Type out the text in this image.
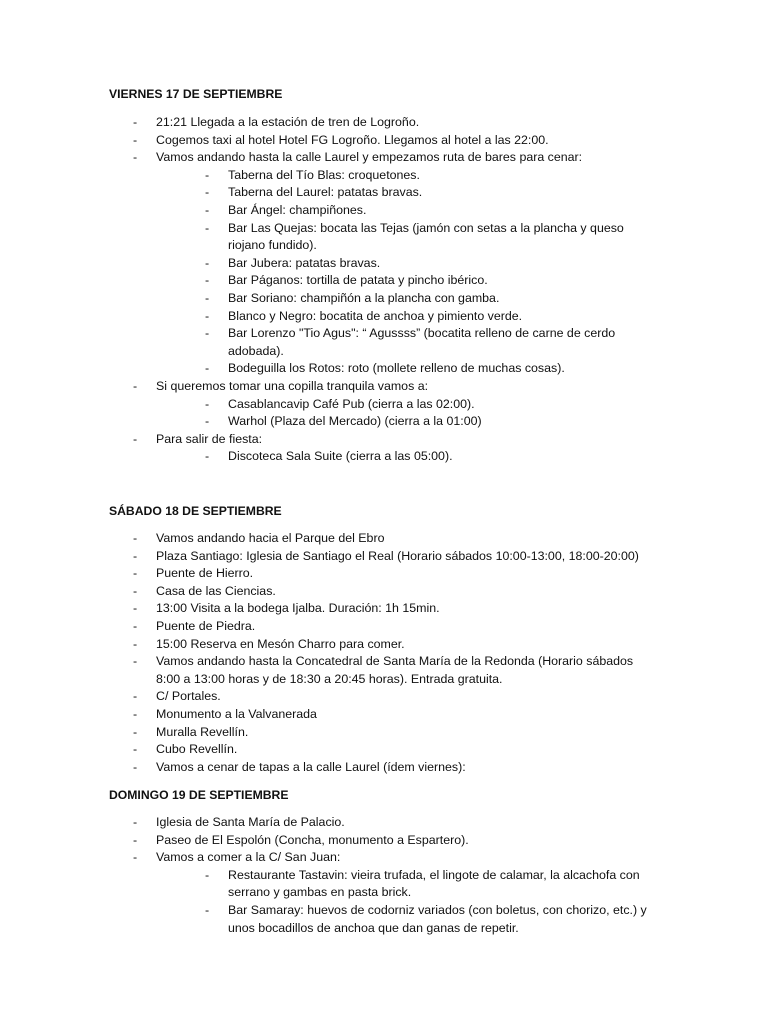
VIERNES 17 DE SEPTIEMBRE
- 21:21 Llegada a la estación de tren de Logroño.
- Cogemos taxi al hotel Hotel FG Logroño. Llegamos al hotel a las 22:00.
- Vamos andando hasta la calle Laurel y empezamos ruta de bares para cenar:
- Taberna del Tío Blas: croquetones.
- Taberna del Laurel: patatas bravas.
- Bar Ángel: champiñones.
- Bar Las Quejas: bocata las Tejas (jamón con setas a la plancha y queso riojano fundido).
- Bar Jubera: patatas bravas.
- Bar Páganos: tortilla de patata y pincho ibérico.
- Bar Soriano: champiñón a la plancha con gamba.
- Blanco y Negro: bocatita de anchoa y pimiento verde.
- Bar Lorenzo "Tio Agus": “ Agussss” (bocatita relleno de carne de cerdo adobada).
- Bodeguilla los Rotos: roto (mollete relleno de muchas cosas).
- Si queremos tomar una copilla tranquila vamos a:
- Casablancavip Café Pub (cierra a las 02:00).
- Warhol (Plaza del Mercado) (cierra a la 01:00)
- Para salir de fiesta:
- Discoteca Sala Suite (cierra a las 05:00).
SÁBADO 18 DE SEPTIEMBRE
- Vamos andando hacia el Parque del Ebro
- Plaza Santiago: Iglesia de Santiago el Real (Horario sábados 10:00-13:00, 18:00-20:00)
- Puente de Hierro.
- Casa de las Ciencias.
- 13:00 Visita a la bodega Ijalba. Duración: 1h 15min.
- Puente de Piedra.
- 15:00 Reserva en Mesón Charro para comer.
- Vamos andando hasta la Concatedral de Santa María de la Redonda (Horario sábados 8:00 a 13:00 horas y de 18:30 a 20:45 horas). Entrada gratuita.
- C/ Portales.
- Monumento a la Valvanerada
- Muralla Revellín.
- Cubo Revellín.
- Vamos a cenar de tapas a la calle Laurel (ídem viernes):
DOMINGO 19 DE SEPTIEMBRE
- Iglesia de Santa María de Palacio.
- Paseo de El Espolón (Concha, monumento a Espartero).
- Vamos a comer a la C/ San Juan:
- Restaurante Tastavin: vieira trufada, el lingote de calamar, la alcachofa con serrano y gambas en pasta brick.
- Bar Samaray: huevos de codorniz variados (con boletus, con chorizo, etc.) y unos bocadillos de anchoa que dan ganas de repetir.
